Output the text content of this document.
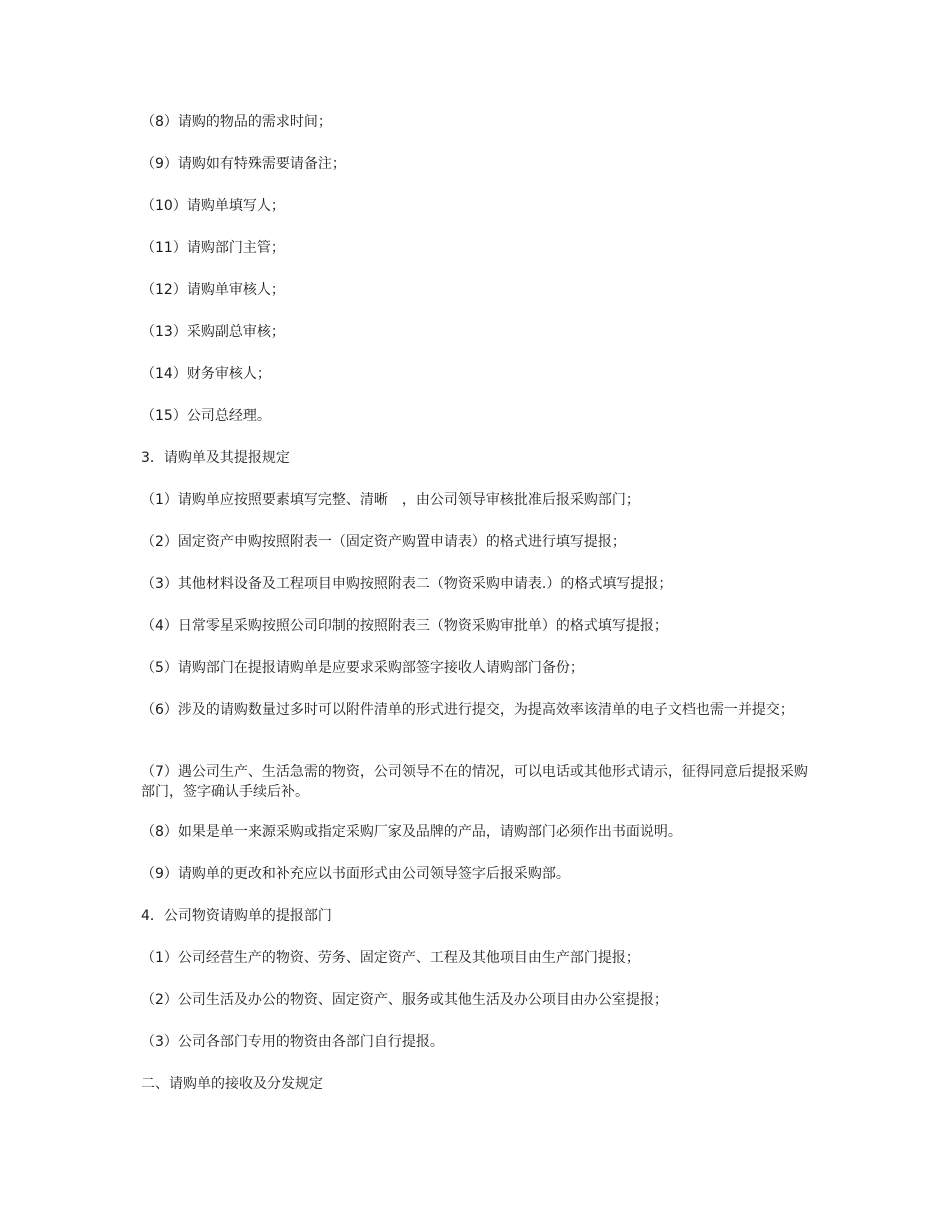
（8）请购的物品的需求时间；

（9）请购如有特殊需要请备注；

（10）请购单填写人；

（11）请购部门主管；

（12）请购单审核人；

（13）采购副总审核；

（14）财务审核人；

（15）公司总经理。

3．请购单及其提报规定

（1）请购单应按照要素填写完整、清晰　，由公司领导审核批准后报采购部门；

（2）固定资产申购按照附表一（固定资产购置申请表）的格式进行填写提报；

（3）其他材料设备及工程项目申购按照附表二（物资采购申请表.）的格式填写提报；

（4）日常零星采购按照公司印制的按照附表三（物资采购审批单）的格式填写提报；

（5）请购部门在提报请购单是应要求采购部签字接收人请购部门备份；

（6）涉及的请购数量过多时可以附件清单的形式进行提交，为提高效率该清单的电子文档也需一并提交；

（7）遇公司生产、生活急需的物资，公司领导不在的情况，可以电话或其他形式请示，征得同意后提报采购部门，签字确认手续后补。

（8）如果是单一来源采购或指定采购厂家及品牌的产品，请购部门必须作出书面说明。

（9）请购单的更改和补充应以书面形式由公司领导签字后报采购部。

4．公司物资请购单的提报部门

（1）公司经营生产的物资、劳务、固定资产、工程及其他项目由生产部门提报；

（2）公司生活及办公的物资、固定资产、服务或其他生活及办公项目由办公室提报；

（3）公司各部门专用的物资由各部门自行提报。

二、请购单的接收及分发规定
